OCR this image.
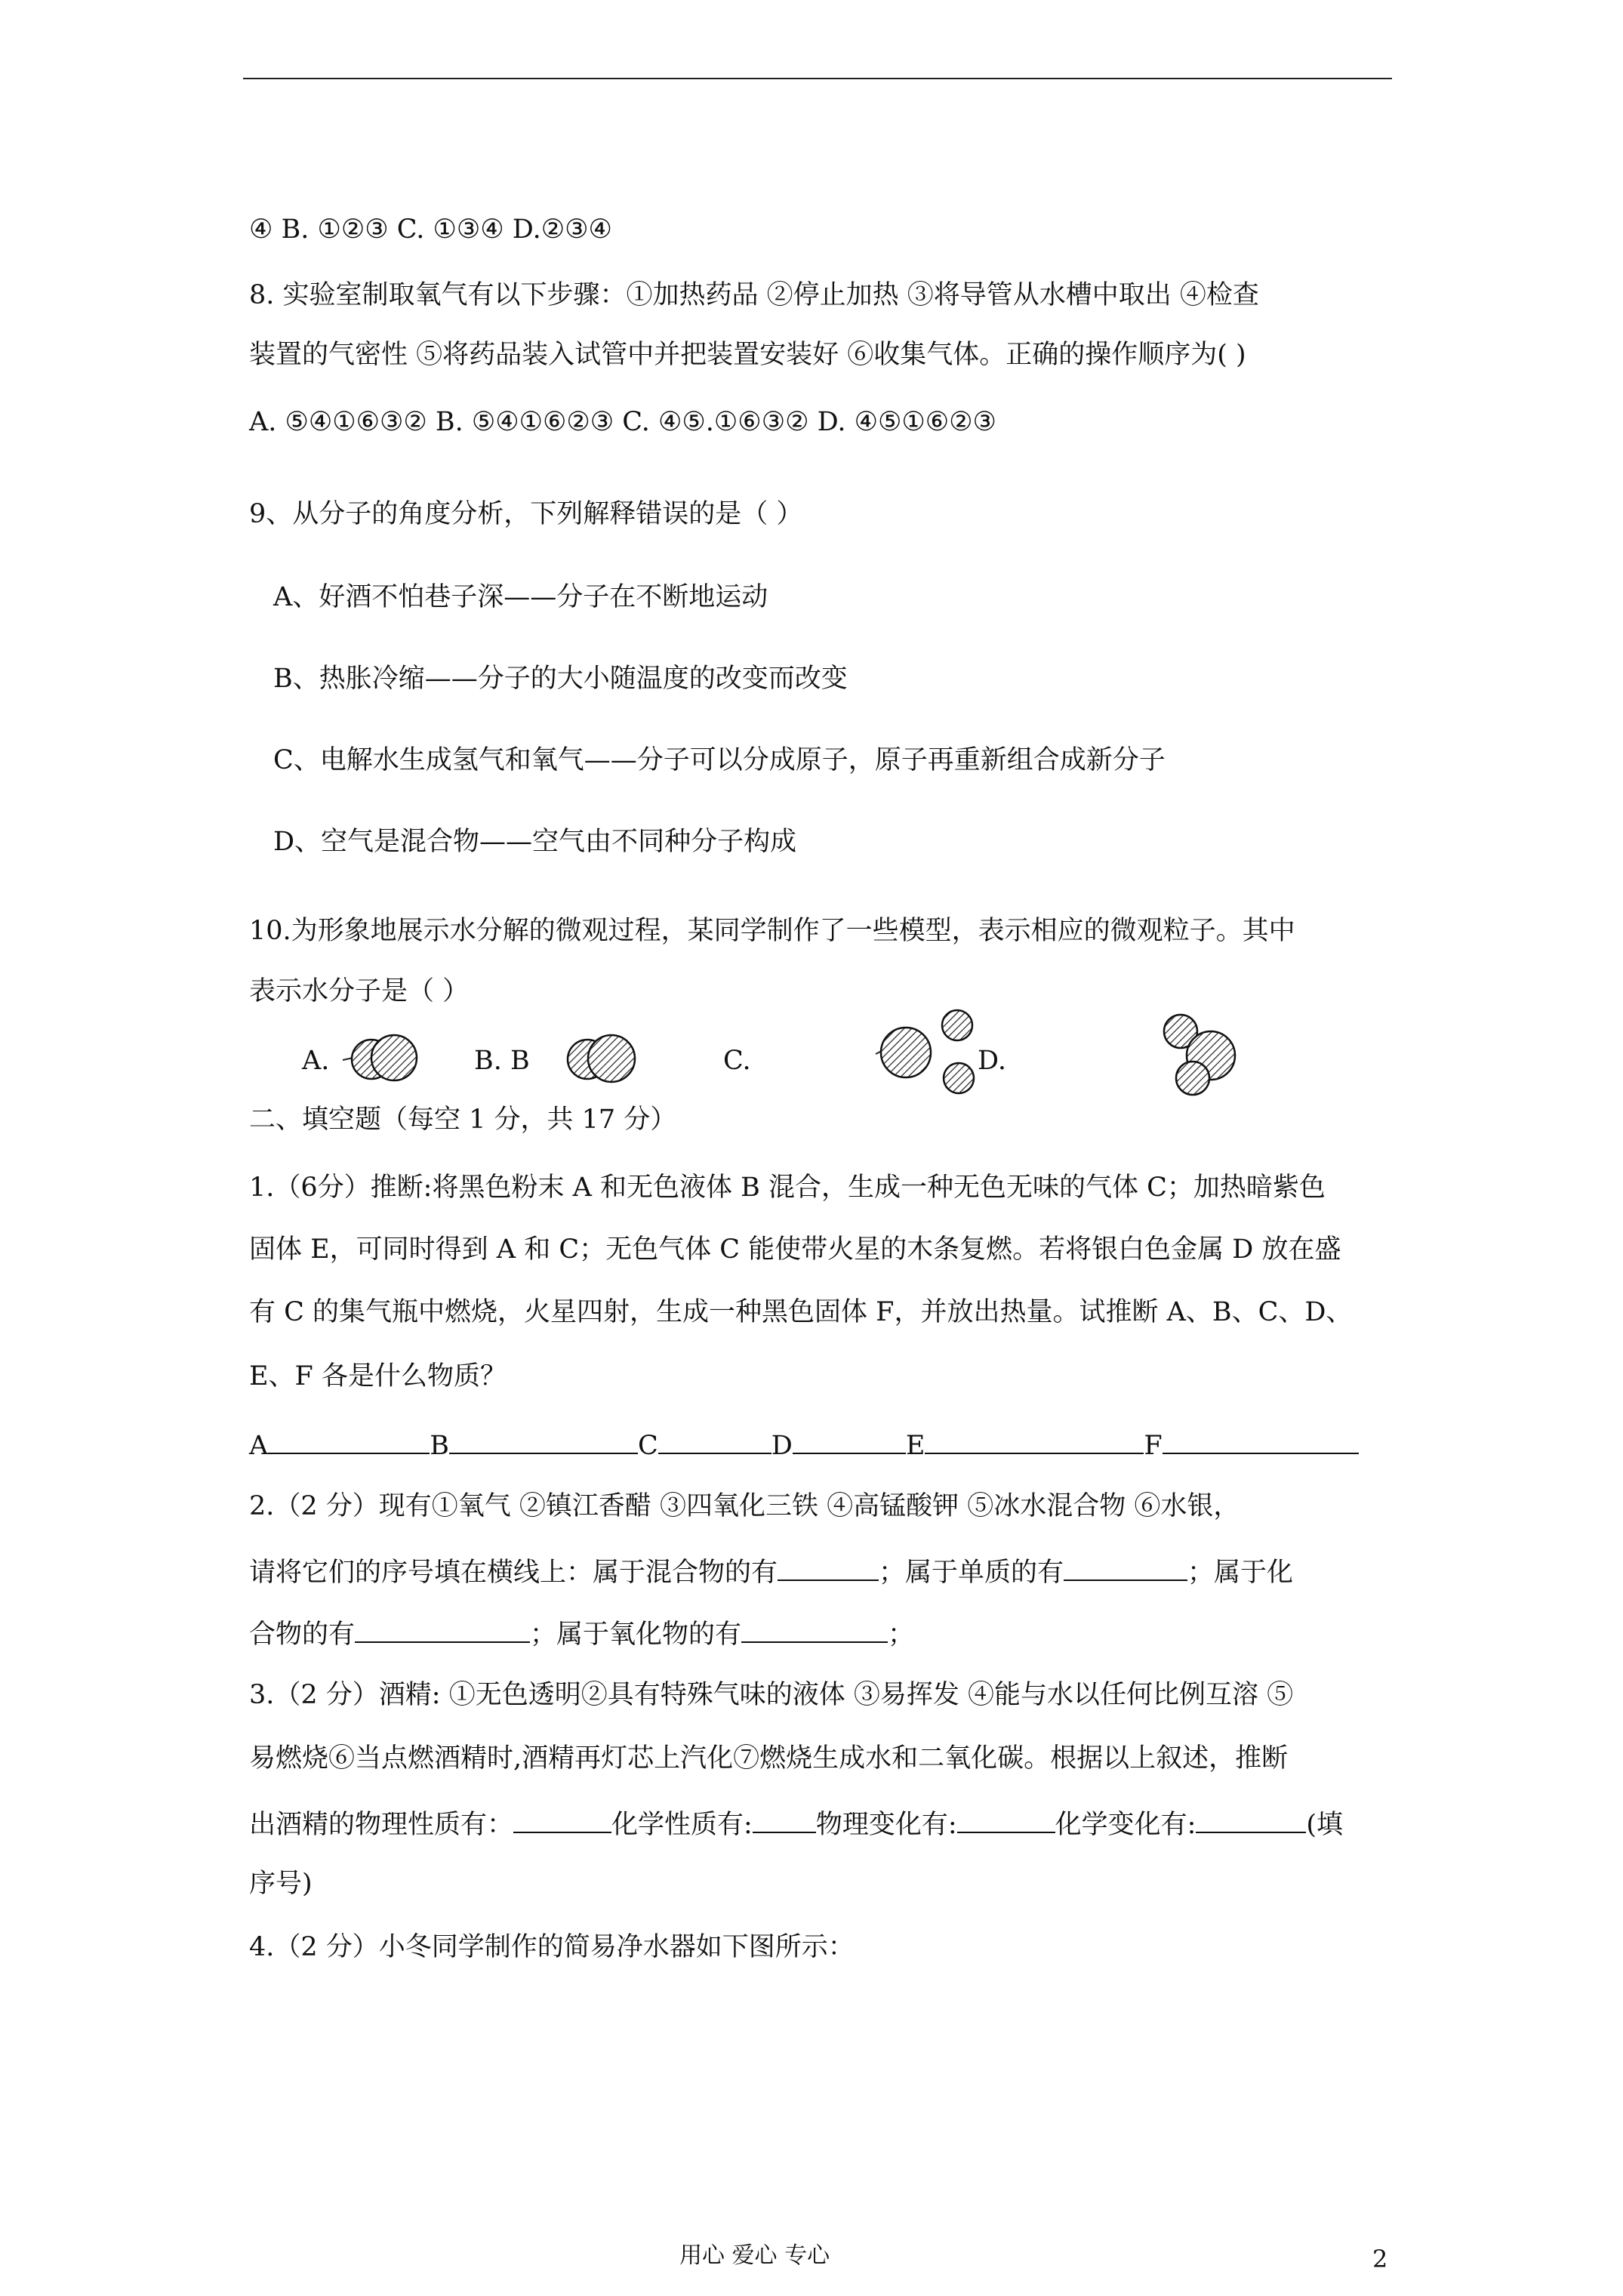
④ B. ①②③ C. ①③④ D.②③④
8. 实验室制取氧气有以下步骤：①加热药品 ②停止加热 ③将导管从水槽中取出 ④检查
装置的气密性 ⑤将药品装入试管中并把装置安装好 ⑥收集气体。正确的操作顺序为( )
A. ⑤④①⑥③② B. ⑤④①⑥②③ C. ④⑤.①⑥③② D. ④⑤①⑥②③
9、从分子的角度分析，下列解释错误的是（ ）
A、好酒不怕巷子深——分子在不断地运动
B、热胀冷缩——分子的大小随温度的改变而改变
C、电解水生成氢气和氧气——分子可以分成原子，原子再重新组合成新分子
D、空气是混合物——空气由不同种分子构成
10.为形象地展示水分解的微观过程，某同学制作了一些模型，表示相应的微观粒子。其中
表示水分子是（ ）
A.	B. B	C.	D.
二、填空题（每空 1 分，共 17 分）
1.（6分）推断:将黑色粉末 A 和无色液体 B 混合，生成一种无色无味的气体 C；加热暗紫色
固体 E，可同时得到 A 和 C；无色气体 C 能使带火星的木条复燃。若将银白色金属 D 放在盛
有 C 的集气瓶中燃烧，火星四射，生成一种黑色固体 F，并放出热量。试推断 A、B、C、D、
E、F 各是什么物质？
A	B	C	D	E	F
2.（2 分）现有①氧气 ②镇江香醋 ③四氧化三铁 ④高锰酸钾 ⑤冰水混合物 ⑥水银，
请将它们的序号填在横线上：属于混合物的有	；属于单质的有	；属于化
合物的有	；属于氧化物的有	；
3.（2 分）酒精: ①无色透明②具有特殊气味的液体 ③易挥发 ④能与水以任何比例互溶 ⑤
易燃烧⑥当点燃酒精时,酒精再灯芯上汽化⑦燃烧生成水和二氧化碳。根据以上叙述，推断
出酒精的物理性质有：	化学性质有: 物理变化有:	化学变化有:	(填
序号)
4.（2 分）小冬同学制作的简易净水器如下图所示：
用心 爱心 专心	2
